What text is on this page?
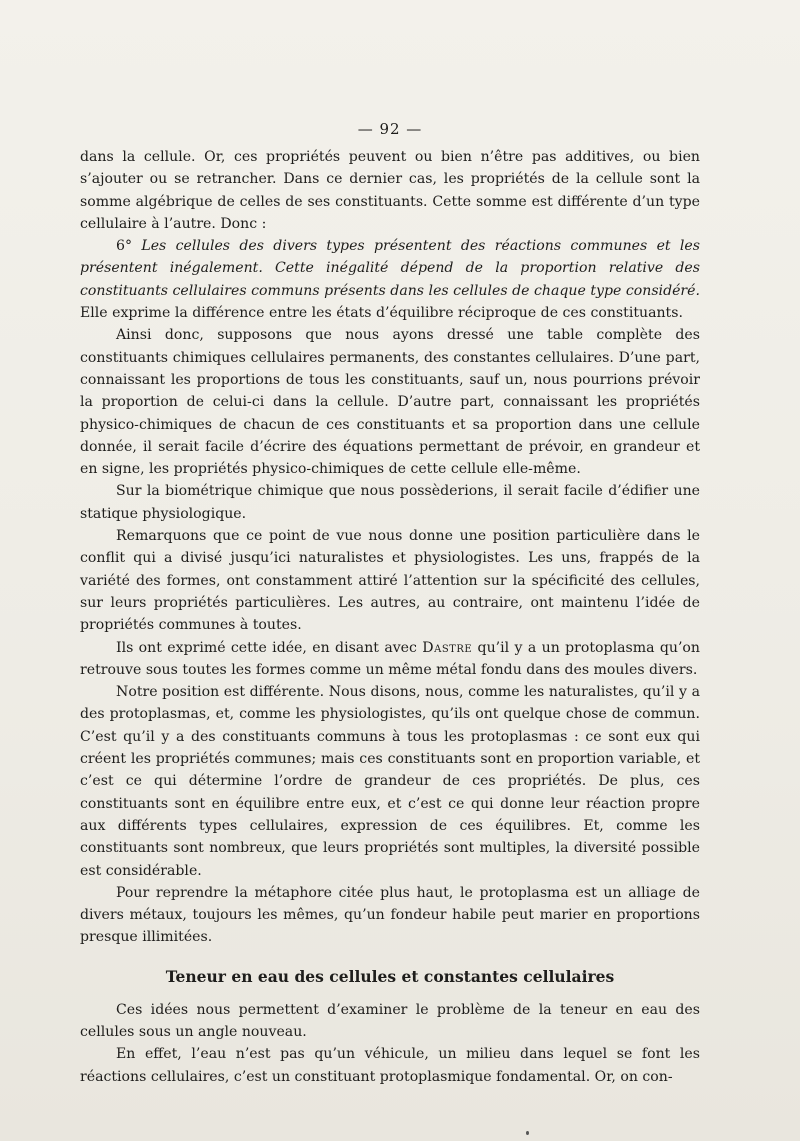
— 92 —

dans la cellule. Or, ces propriétés peuvent ou bien n’être pas additives, ou bien s’ajouter ou se retrancher. Dans ce dernier cas, les propriétés de la cellule sont la somme algébrique de celles de ses constituants. Cette somme est différente d’un type cellulaire à l’autre. Donc :

6° Les cellules des divers types présentent des réactions communes et les présentent inégalement. Cette inégalité dépend de la proportion relative des constituants cellulaires communs présents dans les cellules de chaque type considéré. Elle exprime la différence entre les états d’équilibre réciproque de ces constituants.

Ainsi donc, supposons que nous ayons dressé une table complète des constituants chimiques cellulaires permanents, des constantes cellulaires. D’une part, connaissant les proportions de tous les constituants, sauf un, nous pourrions prévoir la proportion de celui-ci dans la cellule. D’autre part, connaissant les propriétés physico-chimiques de chacun de ces constituants et sa proportion dans une cellule donnée, il serait facile d’écrire des équations permettant de prévoir, en grandeur et en signe, les propriétés physico-chimiques de cette cellule elle-même.

Sur la biométrique chimique que nous possèderions, il serait facile d’édifier une statique physiologique.

Remarquons que ce point de vue nous donne une position particulière dans le conflit qui a divisé jusqu’ici naturalistes et physiologistes. Les uns, frappés de la variété des formes, ont constamment attiré l’attention sur la spécificité des cellules, sur leurs propriétés particulières. Les autres, au contraire, ont maintenu l’idée de propriétés communes à toutes.

Ils ont exprimé cette idée, en disant avec Dastre qu’il y a un protoplasma qu’on retrouve sous toutes les formes comme un même métal fondu dans des moules divers.

Notre position est différente. Nous disons, nous, comme les naturalistes, qu’il y a des protoplasmas, et, comme les physiologistes, qu’ils ont quelque chose de commun. C’est qu’il y a des constituants communs à tous les protoplasmas : ce sont eux qui créent les propriétés communes; mais ces constituants sont en proportion variable, et c’est ce qui détermine l’ordre de grandeur de ces propriétés. De plus, ces constituants sont en équilibre entre eux, et c’est ce qui donne leur réaction propre aux différents types cellulaires, expression de ces équilibres. Et, comme les constituants sont nombreux, que leurs propriétés sont multiples, la diversité possible est considérable.

Pour reprendre la métaphore citée plus haut, le protoplasma est un alliage de divers métaux, toujours les mêmes, qu’un fondeur habile peut marier en proportions presque illimitées.

Teneur en eau des cellules et constantes cellulaires

Ces idées nous permettent d’examiner le problème de la teneur en eau des cellules sous un angle nouveau.

En effet, l’eau n’est pas qu’un véhicule, un milieu dans lequel se font les réactions cellulaires, c’est un constituant protoplasmique fondamental. Or, on con-
